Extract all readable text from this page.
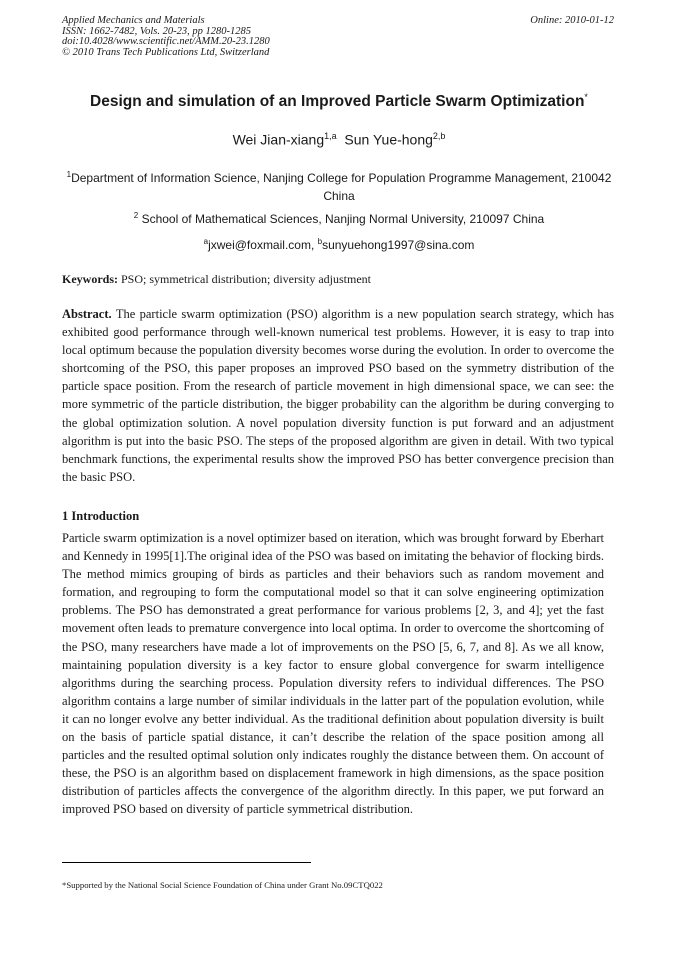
Applied Mechanics and Materials
ISSN: 1662-7482, Vols. 20-23, pp 1280-1285
doi:10.4028/www.scientific.net/AMM.20-23.1280
© 2010 Trans Tech Publications Ltd, Switzerland
Online: 2010-01-12
Design and simulation of an Improved Particle Swarm Optimization*
Wei Jian-xiang$^{1,a}$ Sun Yue-hong$^{2,b}$
$^1$Department of Information Science, Nanjing College for Population Programme Management, 210042 China
$^2$ School of Mathematical Sciences, Nanjing Normal University, 210097 China
$^a$jxwei@foxmail.com, $^b$sunyuehong1997@sina.com
Keywords: PSO; symmetrical distribution; diversity adjustment
Abstract. The particle swarm optimization (PSO) algorithm is a new population search strategy, which has exhibited good performance through well-known numerical test problems. However, it is easy to trap into local optimum because the population diversity becomes worse during the evolution. In order to overcome the shortcoming of the PSO, this paper proposes an improved PSO based on the symmetry distribution of the particle space position. From the research of particle movement in high dimensional space, we can see: the more symmetric of the particle distribution, the bigger probability can the algorithm be during converging to the global optimization solution. A novel population diversity function is put forward and an adjustment algorithm is put into the basic PSO. The steps of the proposed algorithm are given in detail. With two typical benchmark functions, the experimental results show the improved PSO has better convergence precision than the basic PSO.
1 Introduction
Particle swarm optimization is a novel optimizer based on iteration, which was brought forward by Eberhart and Kennedy in 1995[1].The original idea of the PSO was based on imitating the behavior of flocking birds. The method mimics grouping of birds as particles and their behaviors such as random movement and formation, and regrouping to form the computational model so that it can solve engineering optimization problems. The PSO has demonstrated a great performance for various problems [2, 3, and 4]; yet the fast movement often leads to premature convergence into local optima. In order to overcome the shortcoming of the PSO, many researchers have made a lot of improvements on the PSO [5, 6, 7, and 8]. As we all know, maintaining population diversity is a key factor to ensure global convergence for swarm intelligence algorithms during the searching process. Population diversity refers to individual differences. The PSO algorithm contains a large number of similar individuals in the latter part of the population evolution, while it can no longer evolve any better individual. As the traditional definition about population diversity is built on the basis of particle spatial distance, it can’t describe the relation of the space position among all particles and the resulted optimal solution only indicates roughly the distance between them. On account of these, the PSO is an algorithm based on displacement framework in high dimensions, as the space position distribution of particles affects the convergence of the algorithm directly. In this paper, we put forward an improved PSO based on diversity of particle symmetrical distribution.
*Supported by the National Social Science Foundation of China under Grant No.09CTQ022
